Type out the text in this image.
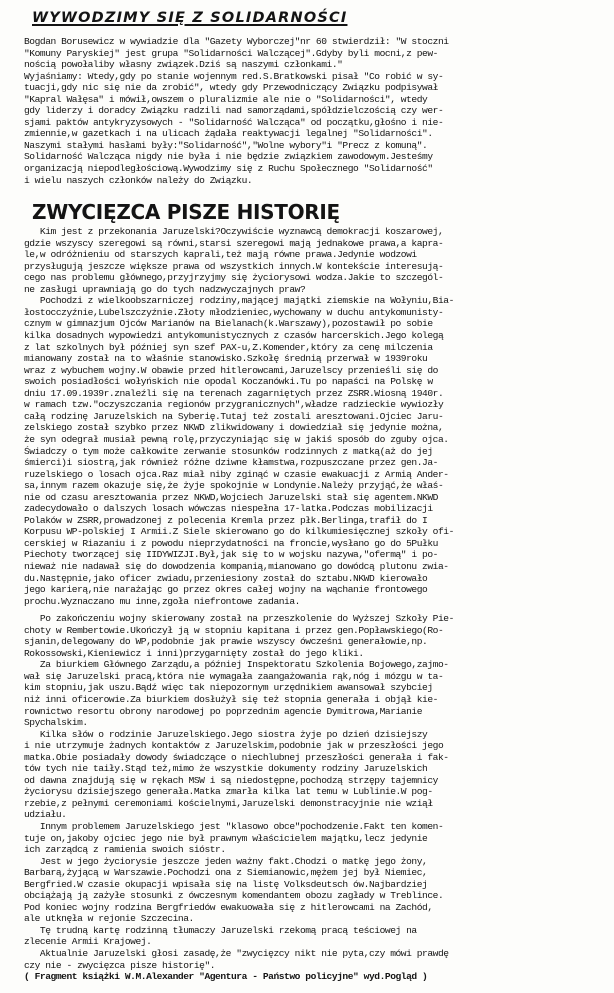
WYWODZIMY SIĘ Z SOLIDARNOŚCI
Bogdan Borusewicz w wywiadzie dla "Gazety Wyborczej"nr 60 stwierdził: "W stoczni
"Komuny Paryskiej" jest grupa "Solidarności Walczącej".Gdyby byli mocni,z pew-
nością powołaliby własny związek.Dziś są naszymi członkami."
Wyjaśniamy: Wtedy,gdy po stanie wojennym red.S.Bratkowski pisał "Co robić w sy-
tuacji,gdy nic się nie da zrobić", wtedy gdy Przewodniczący Związku podpisywał
"Kapral Wałęsa" i mówił,owszem o pluralizmie ale nie o "Solidarności", wtedy
gdy liderzy i doradcy Związku radzili nad samorządami,spółdzielczością czy wer-
sjami paktów antykryzysowych - "Solidarność Walcząca" od początku,głośno i nie-
zmiennie,w gazetkach i na ulicach żądała reaktywacji legalnej "Solidarności".
Naszymi stałymi hasłami były:"Solidarność","Wolne wybory"i "Precz z komuną".
Solidarność Walcząca nigdy nie była i nie będzie związkiem zawodowym.Jesteśmy
organizacją niepodległościową.Wywodzimy się z Ruchu Społecznego "Solidarność"
i wielu naszych członków należy do Związku.
ZWYCIĘZCA PISZE HISTORIĘ
Kim jest z przekonania Jaruzelski?Oczywiście wyznawcą demokracji koszarowej,
gdzie wszyscy szeregowi są równi,starsi szeregowi mają jednakowe prawa,a kapra-
le,w odróżnieniu od starszych kaprali,też mają równe prawa.Jedynie wodzowi
przysługują jeszcze większe prawa od wszystkich innych.W kontekście interesują-
cego nas problemu głównego,przyjrzyjmy się życiorysowi wodza.Jakie to szczegól-
ne zasługi uprawniają go do tych nadzwyczajnych praw?
Pochodzi z wielkoobszarniczej rodziny,mającej majątki ziemskie na Wołyniu,Bia-
łostocczyźnie,Lubelszczyźnie.Złoty młodzieniec,wychowany w duchu antykomunisty-
cznym w gimnazjum Ojców Marianów na Bielanach(k.Warszawy),pozostawił po sobie
kilka dosadnych wypowiedzi antykomunistycznych z czasów harcerskich.Jego kolegą
z lat szkolnych był później syn szef PAX-u,Z.Komender,który za cenę milczenia
mianowany został na to właśnie stanowisko.Szkołę średnią przerwał w 1939roku
wraz z wybuchem wojny.W obawie przed hitlerowcami,Jaruzelscy przenieśli się do
swoich posiadłości wołyńskich nie opodal Koczanówki.Tu po napaści na Polskę w
dniu 17.09.1939r.znaleźli się na terenach zagarniętych przez ZSRR.Wiosną 1940r.
w ramach tzw."oczyszczania regionów przygranicznych",władze radzieckie wywiozły
całą rodzinę Jaruzelskich na Syberię.Tutaj też zostali aresztowani.Ojciec Jaru-
zelskiego został szybko przez NKWD zlikwidowany i dowiedział się jedynie można,
że syn odegrał musiał pewną rolę,przyczyniając się w jakiś sposób do zguby ojca.
Świadczy o tym może całkowite zerwanie stosunków rodzinnych z matką(aż do jej
śmierci)i siostrą,jak również różne dziwne kłamstwa,rozpuszczane przez gen.Ja-
ruzelskiego o losach ojca.Raz miał niby zginąć w czasie ewakuacji z Armią Ander-
sa,innym razem okazuje się,że żyje spokojnie w Londynie.Należy przyjąć,że właś-
nie od czasu aresztowania przez NKWD,Wojciech Jaruzelski stał się agentem.NKWD
zadecydowało o dalszych losach wówczas niespełna 17-latka.Podczas mobilizacji
Polaków w ZSRR,prowadzonej z polecenia Kremla przez płk.Berlinga,trafił do I
Korpusu WP-polskiej I Armii.Z Siele skierowano go do kilkumiesięcznej szkoły ofi-
cerskiej w Riazaniu i z powodu nieprzydatności na froncie,wysłano go do 5Pułku
Piechoty tworzącej się IIDYWIZJI.Był,jak się to w wojsku nazywa,"ofermą" i po-
nieważ nie nadawał się do dowodzenia kompanią,mianowano go dowódcą plutonu zwia-
du.Następnie,jako oficer zwiadu,przeniesiony został do sztabu.NKWD kierowało
jego karierą,nie narażając go przez okres całej wojny na wąchanie frontowego
prochu.Wyznaczano mu inne,zgoła niefrontowe zadania.
Po zakończeniu wojny skierowany został na przeszkolenie do Wyższej Szkoły Pie-
choty w Rembertowie.Ukończył ją w stopniu kapitana i przez gen.Popławskiego(Ro-
sjanin,delegowany do WP,podobnie jak prawie wszyscy ówcześni generałowie,np.
Rokossowski,Kieniewicz i inni)przygarnięty został do jego kliki.
Za biurkiem Głównego Zarządu,a później Inspektoratu Szkolenia Bojowego,zajmo-
wał się Jaruzelski pracą,która nie wymagała zaangażowania rąk,nóg i mózgu w ta-
kim stopniu,jak uszu.Bądź więc tak niepozornym urzędnikiem awansował szybciej
niż inni oficerowie.Za biurkiem dosłużył się też stopnia generała i objął kie-
rownictwo resortu obrony narodowej po poprzednim agencie Dymitrowa,Marianie
Spychalskim.
Kilka słów o rodzinie Jaruzelskiego.Jego siostra żyje po dzień dzisiejszy
i nie utrzymuje żadnych kontaktów z Jaruzelskim,podobnie jak w przeszłości jego
matka.Obie posiadały dowody świadczące o niechlubnej przeszłości generała i fak-
tów tych nie taiły.Stąd też,mimo że wszystkie dokumenty rodziny Jaruzelskich
od dawna znajdują się w rękach MSW i są niedostępne,pochodzą strzępy tajemnicy
życiorysu dzisiejszego generała.Matka zmarła kilka lat temu w Lublinie.W pog-
rzebie,z pełnymi ceremoniami kościelnymi,Jaruzelski demonstracyjnie nie wziął
udziału.
Innym problemem Jaruzelskiego jest "klasowo obce"pochodzenie.Fakt ten komen-
tuje on,jakoby ojciec jego nie był prawnym właścicielem majątku,lecz jedynie
ich zarządcą z ramienia swoich sióstr.
Jest w jego życiorysie jeszcze jeden ważny fakt.Chodzi o matkę jego żony,
Barbarą,żyjącą w Warszawie.Pochodzi ona z Siemianowic,mężem jej był Niemiec,
Bergfried.W czasie okupacji wpisała się na listę Volksdeutsch ów.Najbardziej
obciążają ją zażyłe stosunki z ówczesnym komendantem obozu zagłady w Treblince.
Pod koniec wojny rodzina Bergfriedów ewakuowała się z hitlerowcami na Zachód,
ale utknęła w rejonie Szczecina.
Tę trudną kartę rodzinną tłumaczy Jaruzelski rzekomą pracą teściowej na
zlecenie Armii Krajowej.
Aktualnie Jaruzelski głosi zasadę,że "zwycięzcy nikt nie pyta,czy mówi prawdę
czy nie - zwycięzca pisze historię".
( Fragment książki W.M.Alexander "Agentura - Państwo policyjne" wyd.Pogląd )
